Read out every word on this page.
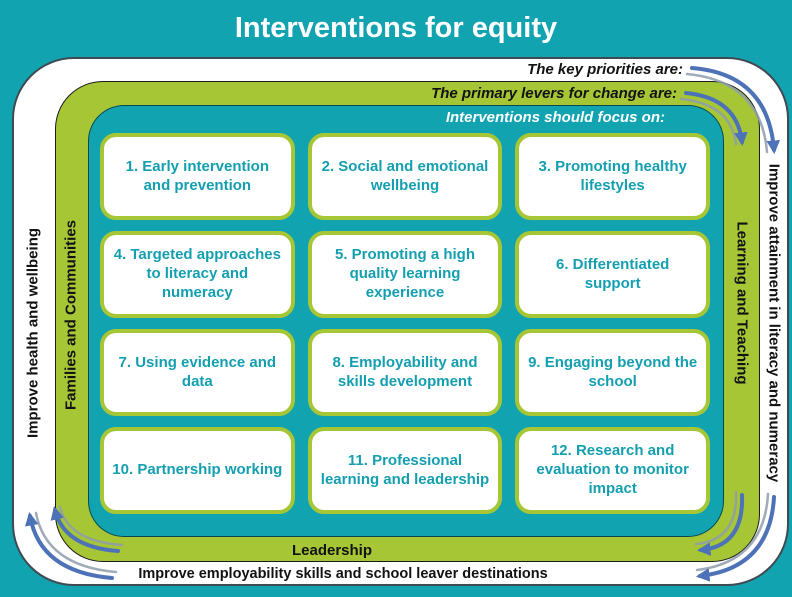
Interventions for equity
The key priorities are:
The primary levers for change are:
Interventions should focus on:
Improve health and wellbeing Families and Communities	Learning and Teaching Improve attainment in literacy and numeracy
Leadership
Improve employability skills and school leaver destinations
1. Early intervention and prevention
2. Social and emotional wellbeing
3. Promoting healthy lifestyles
4. Targeted approaches to literacy and numeracy
5. Promoting a high quality learning experience
6. Differentiated support
7. Using evidence and data
8. Employability and skills development
9. Engaging beyond the school
10. Partnership working
11. Professional learning and leadership
12. Research and evaluation to monitor impact
